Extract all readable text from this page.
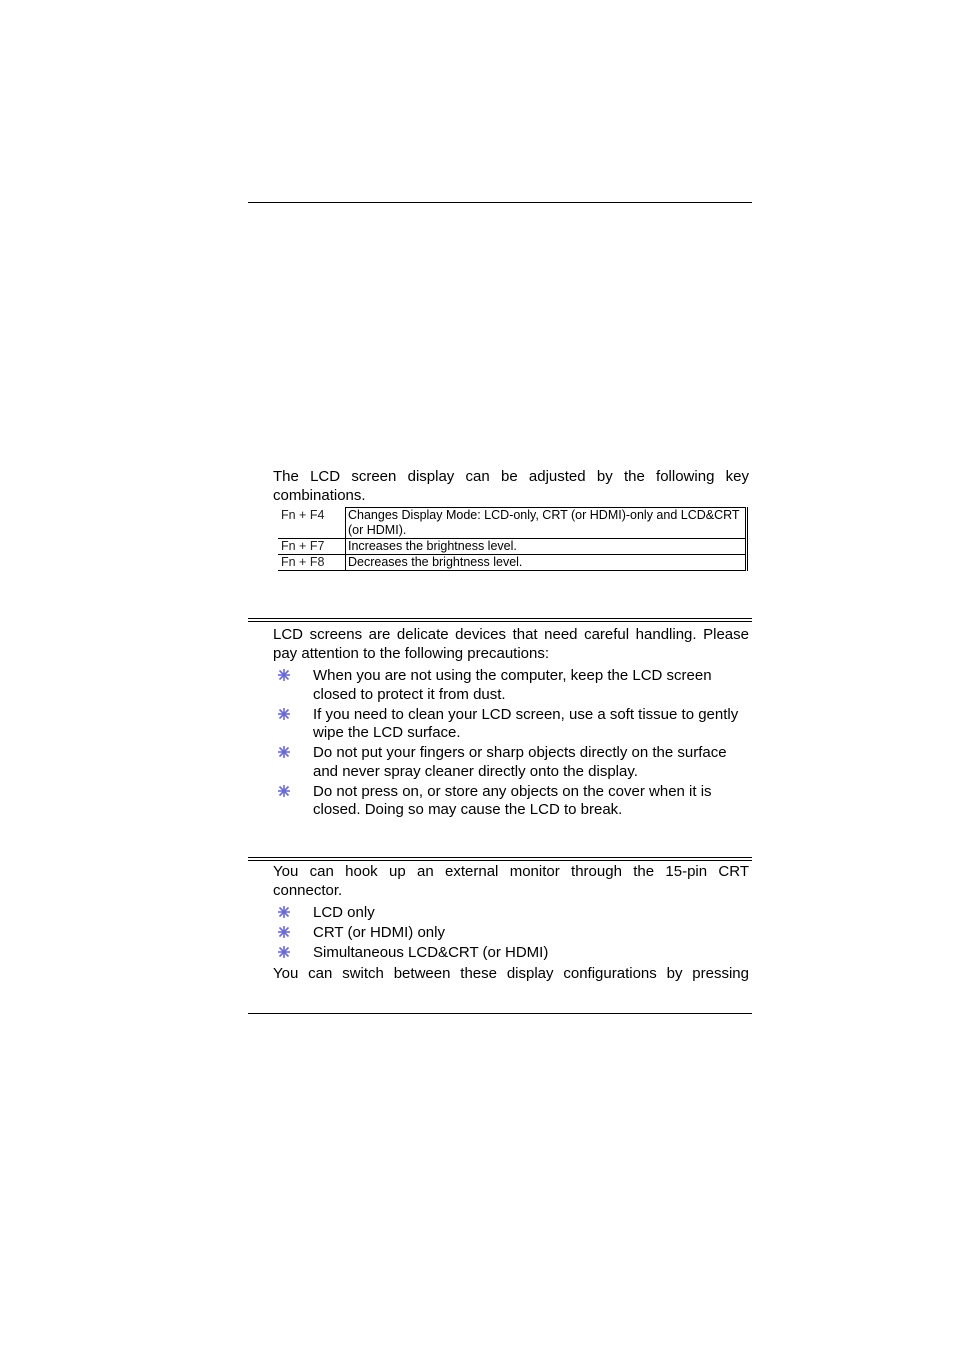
The LCD screen display can be adjusted by the following key combinations.
Fn + F4	Changes Display Mode: LCD-only, CRT (or HDMI)-only and LCD&CRT (or HDMI).
Fn + F7	Increases the brightness level.
Fn + F8	Decreases the brightness level.
LCD screens are delicate devices that need careful handling. Please pay attention to the following precautions:
When you are not using the computer, keep the LCD screen closed to protect it from dust.
If you need to clean your LCD screen, use a soft tissue to gently wipe the LCD surface.
Do not put your fingers or sharp objects directly on the surface and never spray cleaner directly onto the display.
Do not press on, or store any objects on the cover when it is closed. Doing so may cause the LCD to break.
You can hook up an external monitor through the 15-pin CRT connector.
LCD only
CRT (or HDMI) only
Simultaneous LCD&CRT (or HDMI)
You can switch between these display configurations by pressing
